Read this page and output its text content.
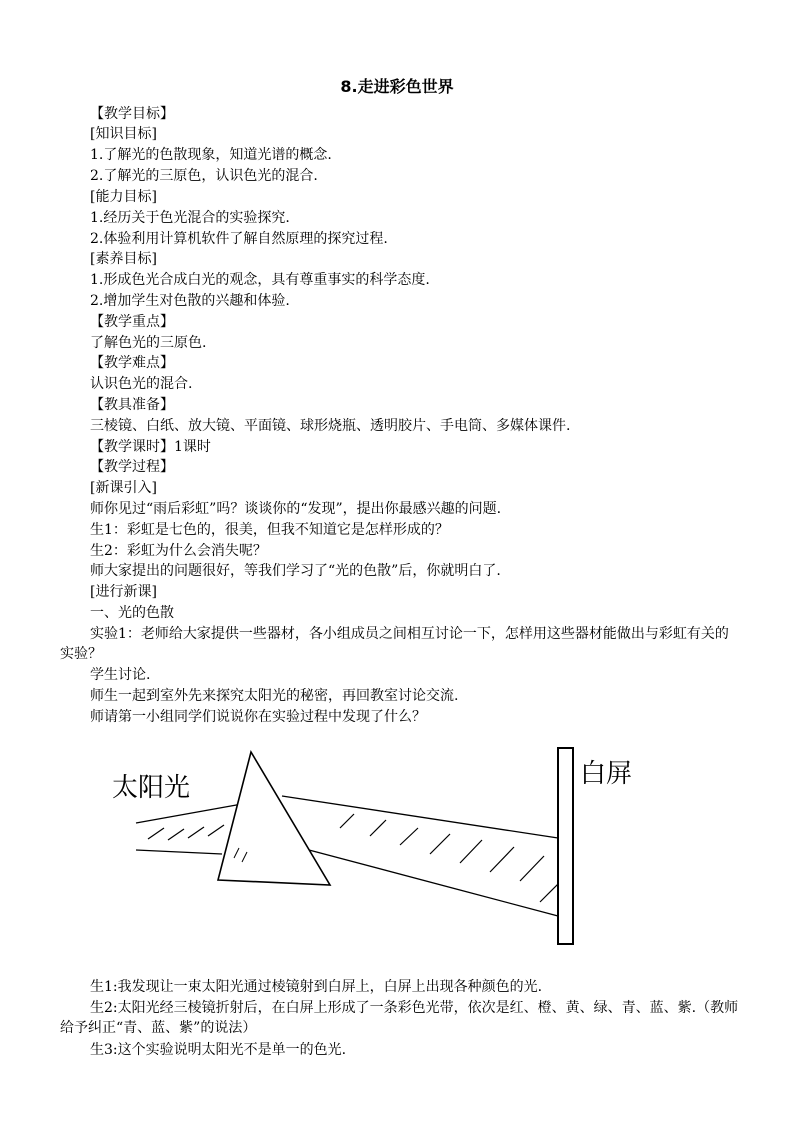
8.走进彩色世界
【教学目标】
[知识目标]
1.了解光的色散现象，知道光谱的概念.
2.了解光的三原色，认识色光的混合.
[能力目标]
1.经历关于色光混合的实验探究.
2.体验利用计算机软件了解自然原理的探究过程.
[素养目标]
1.形成色光合成白光的观念，具有尊重事实的科学态度.
2.增加学生对色散的兴趣和体验.
【教学重点】
了解色光的三原色.
【教学难点】
认识色光的混合.
【教具准备】
三棱镜、白纸、放大镜、平面镜、球形烧瓶、透明胶片、手电筒、多媒体课件.
【教学课时】1课时
【教学过程】
[新课引入]
师你见过“雨后彩虹”吗？谈谈你的“发现”，提出你最感兴趣的问题.
生1：彩虹是七色的，很美，但我不知道它是怎样形成的？
生2：彩虹为什么会消失呢？
师大家提出的问题很好，等我们学习了“光的色散”后，你就明白了.
[进行新课]
一、光的色散
实验1：老师给大家提供一些器材，各小组成员之间相互讨论一下，怎样用这些器材能做出与彩虹有关的实验？
学生讨论.
师生一起到室外先来探究太阳光的秘密，再回教室讨论交流.
师请第一小组同学们说说你在实验过程中发现了什么？
太阳光	白屏
生1:我发现让一束太阳光通过棱镜射到白屏上，白屏上出现各种颜色的光.
生2:太阳光经三棱镜折射后，在白屏上形成了一条彩色光带，依次是红、橙、黄、绿、青、蓝、紫.（教师给予纠正“青、蓝、紫”的说法）
生3:这个实验说明太阳光不是单一的色光.
